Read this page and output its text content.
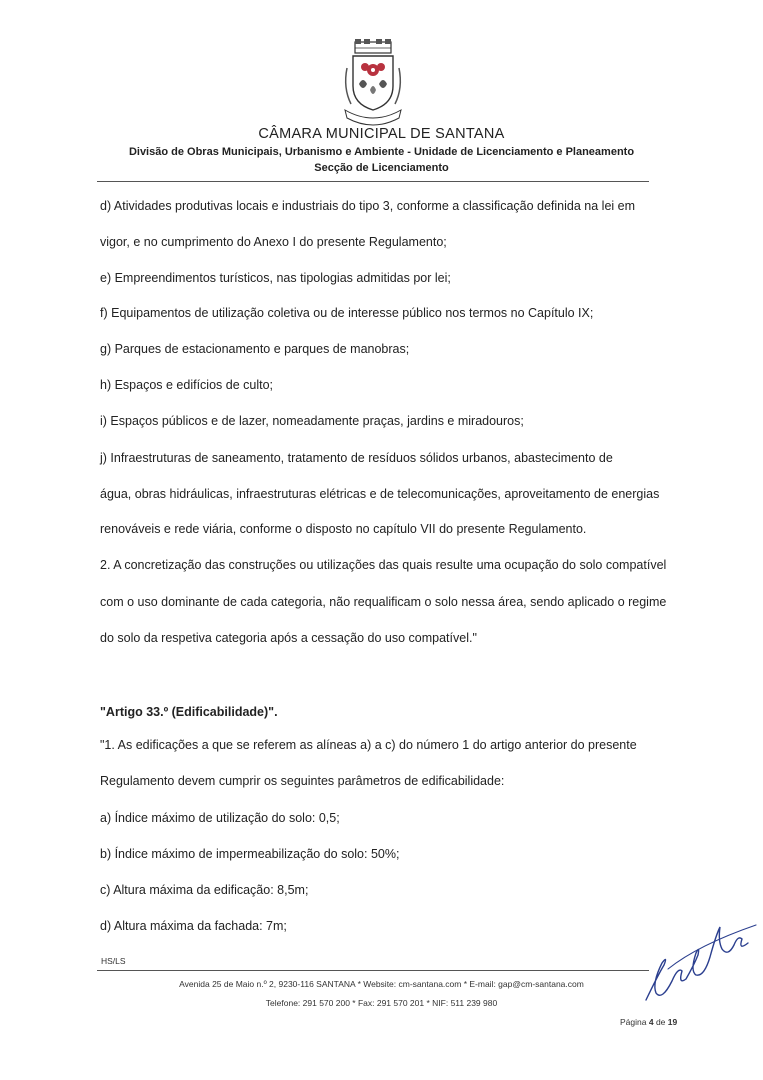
CÂMARA MUNICIPAL DE SANTANA
Divisão de Obras Municipais, Urbanismo e Ambiente - Unidade de Licenciamento e Planeamento
Secção de Licenciamento
d) Atividades produtivas locais e industriais do tipo 3, conforme a classificação definida na lei em
vigor, e no cumprimento do Anexo I do presente Regulamento;
e) Empreendimentos turísticos, nas tipologias admitidas por lei;
f) Equipamentos de utilização coletiva ou de interesse público nos termos no Capítulo IX;
g) Parques de estacionamento e parques de manobras;
h) Espaços e edifícios de culto;
i) Espaços públicos e de lazer, nomeadamente praças, jardins e miradouros;
j) Infraestruturas de saneamento, tratamento de resíduos sólidos urbanos, abastecimento de
água, obras hidráulicas, infraestruturas elétricas e de telecomunicações, aproveitamento de energias
renováveis e rede viária, conforme o disposto no capítulo VII do presente Regulamento.
2. A concretização das construções ou utilizações das quais resulte uma ocupação do solo compatível
com o uso dominante de cada categoria, não requalificam o solo nessa área, sendo aplicado o regime
do solo da respetiva categoria após a cessação do uso compatível."
"Artigo 33.º (Edificabilidade)".
"1. As edificações a que se referem as alíneas a) a c) do número 1 do artigo anterior do presente
Regulamento devem cumprir os seguintes parâmetros de edificabilidade:
a) Índice máximo de utilização do solo: 0,5;
b) Índice máximo de impermeabilização do solo: 50%;
c) Altura máxima da edificação: 8,5m;
d) Altura máxima da fachada: 7m;
HS/LS
Avenida 25 de Maio n.º 2, 9230-116 SANTANA * Website: cm-santana.com * E-mail: gap@cm-santana.com
Telefone: 291 570 200 * Fax: 291 570 201 * NIF: 511 239 980
Página 4 de 19
